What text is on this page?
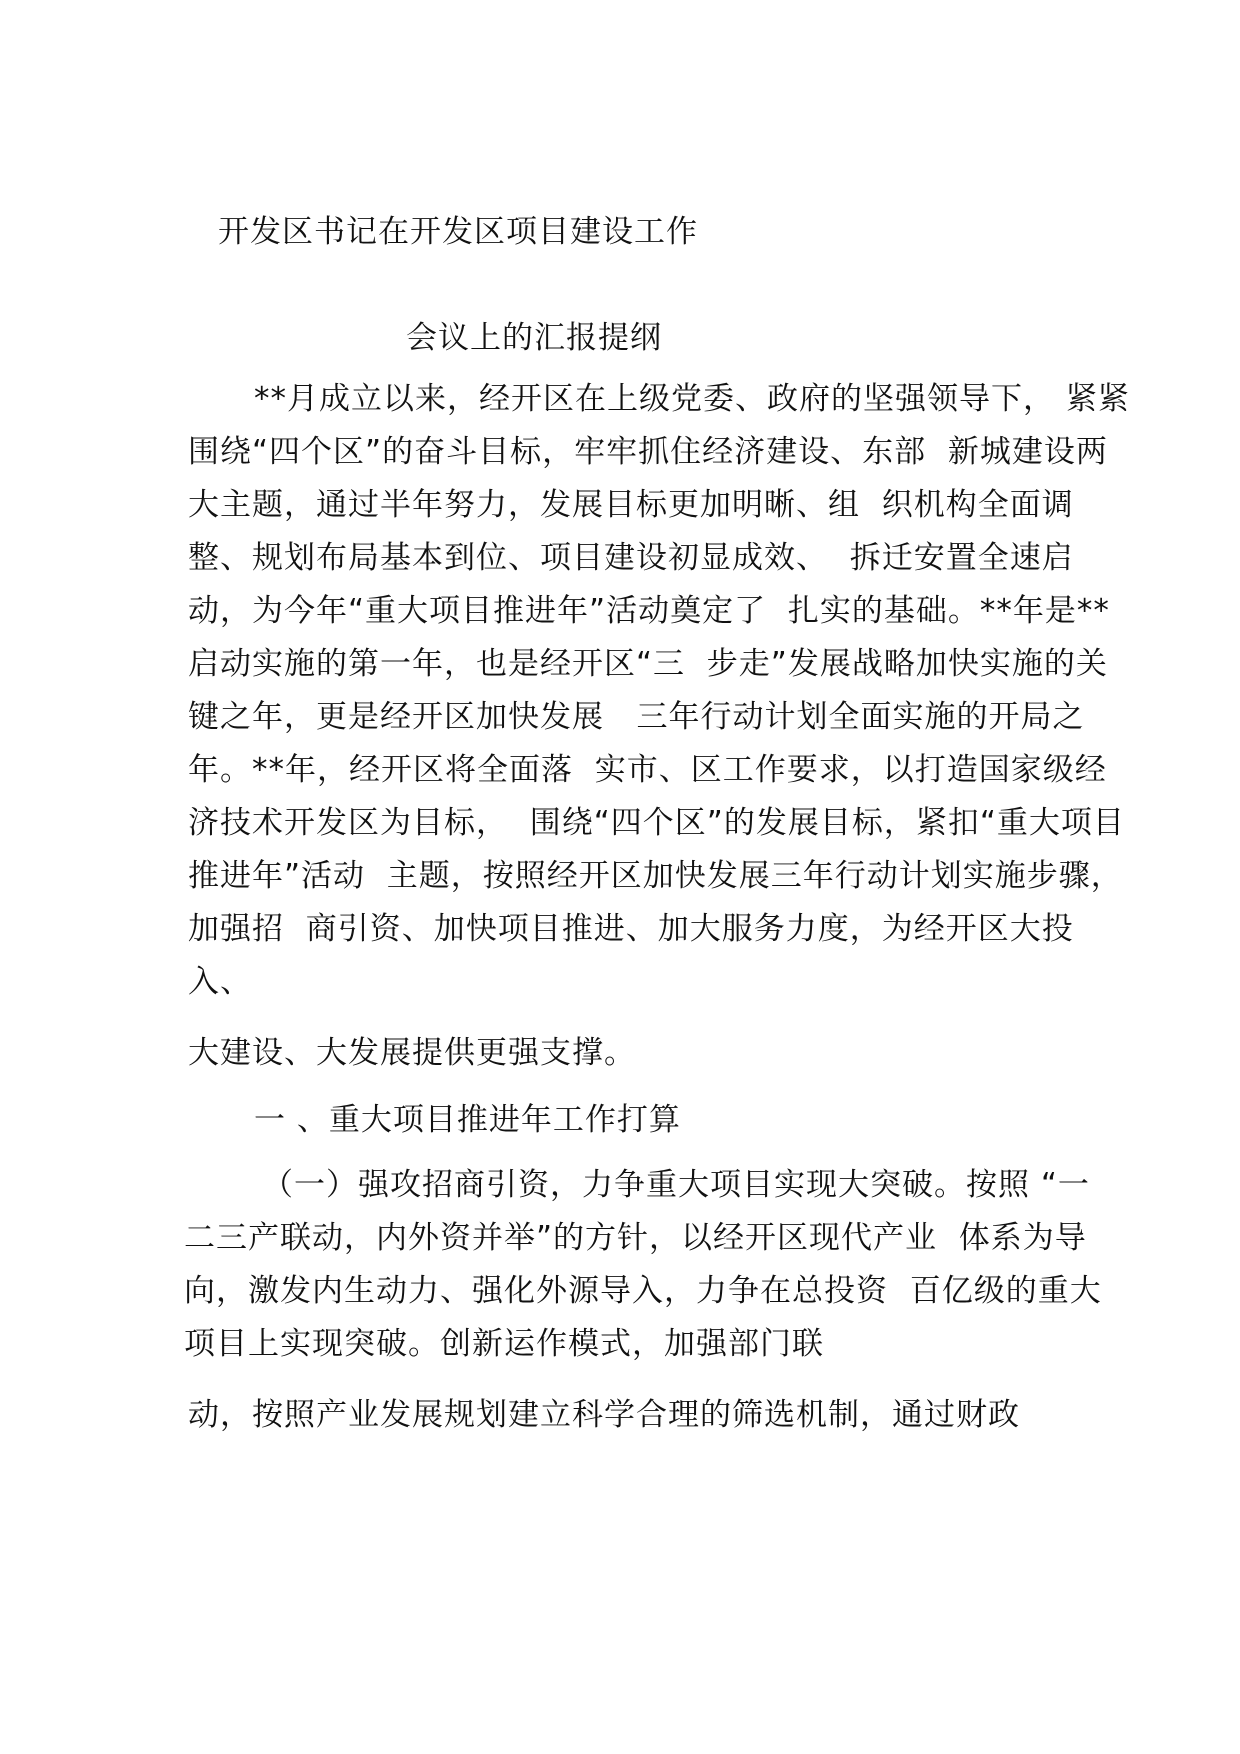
开发区书记在开发区项目建设工作
会议上的汇报提纲
**月成立以来，经开区在上级党委、政府的坚强领导下， 紧紧
围绕“四个区”的奋斗目标，牢牢抓住经济建设、东部  新城建设两
大主题，通过半年努力，发展目标更加明晰、组  织机构全面调
整、规划布局基本到位、项目建设初显成效、  拆迁安置全速启
动，为今年“重大项目推进年”活动奠定了  扎实的基础。**年是**
启动实施的第一年，也是经开区“三  步走”发展战略加快实施的关
键之年，更是经开区加快发展   三年行动计划全面实施的开局之
年。**年，经开区将全面落  实市、区工作要求，以打造国家级经
济技术开发区为目标，  围绕“四个区”的发展目标，紧扣“重大项目
推进年”活动  主题，按照经开区加快发展三年行动计划实施步骤，
加强招  商引资、加快项目推进、加大服务力度，为经开区大投
入、
大建设、大发展提供更强支撑。
一 、重大项目推进年工作打算
（一）强攻招商引资，力争重大项目实现大突破。按照 “一
二三产联动，内外资并举”的方针，以经开区现代产业  体系为导
向，激发内生动力、强化外源导入，力争在总投资  百亿级的重大
项目上实现突破。创新运作模式，加强部门联
动，按照产业发展规划建立科学合理的筛选机制，通过财政
